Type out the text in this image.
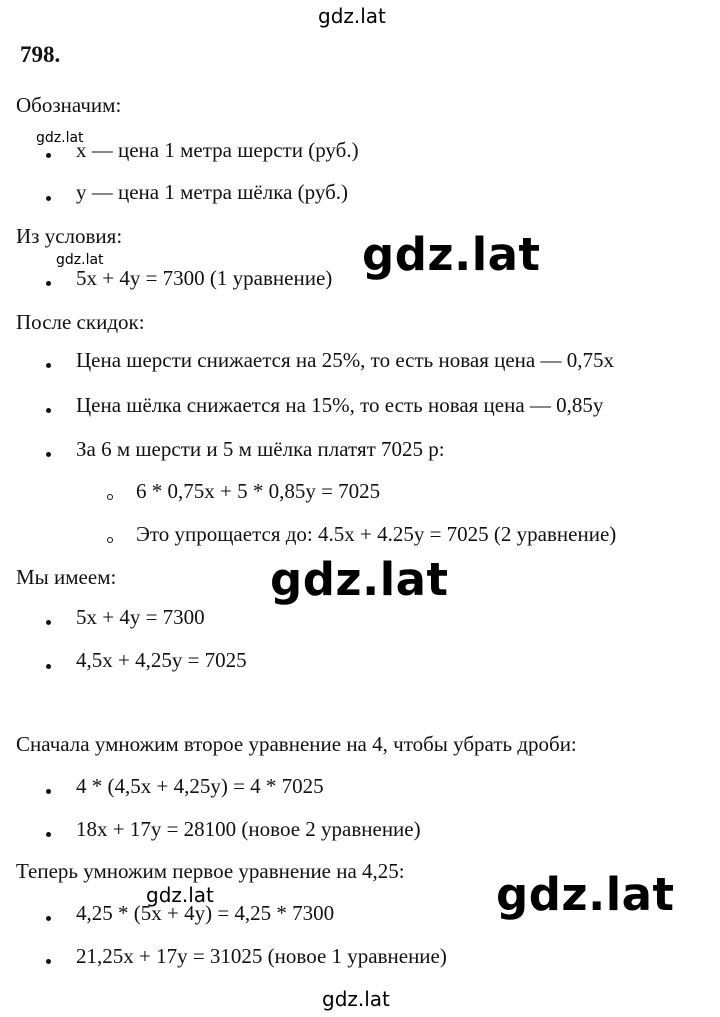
gdz.lat
gdz.lat
gdz.lat
gdz.lat
gdz.lat
gdz.lat	gdz.lat
gdz.lat
798.
Обозначим:
x — цена 1 метра шерсти (руб.)
y — цена 1 метра шёлка (руб.)
Из условия:
5x + 4y = 7300 (1 уравнение)
После скидок:
Цена шерсти снижается на 25%, то есть новая цена — 0,75x
Цена шёлка снижается на 15%, то есть новая цена — 0,85y
За 6 м шерсти и 5 м шёлка платят 7025 р:
6 * 0,75x + 5 * 0,85y = 7025
Это упрощается до: 4.5x + 4.25y = 7025 (2 уравнение)
Мы имеем:
5x + 4y = 7300
4,5x + 4,25y = 7025
Сначала умножим второе уравнение на 4, чтобы убрать дроби:
4 * (4,5x + 4,25y) = 4 * 7025
18x + 17y = 28100 (новое 2 уравнение)
Теперь умножим первое уравнение на 4,25:
4,25 * (5x + 4y) = 4,25 * 7300
21,25x + 17y = 31025 (новое 1 уравнение)
